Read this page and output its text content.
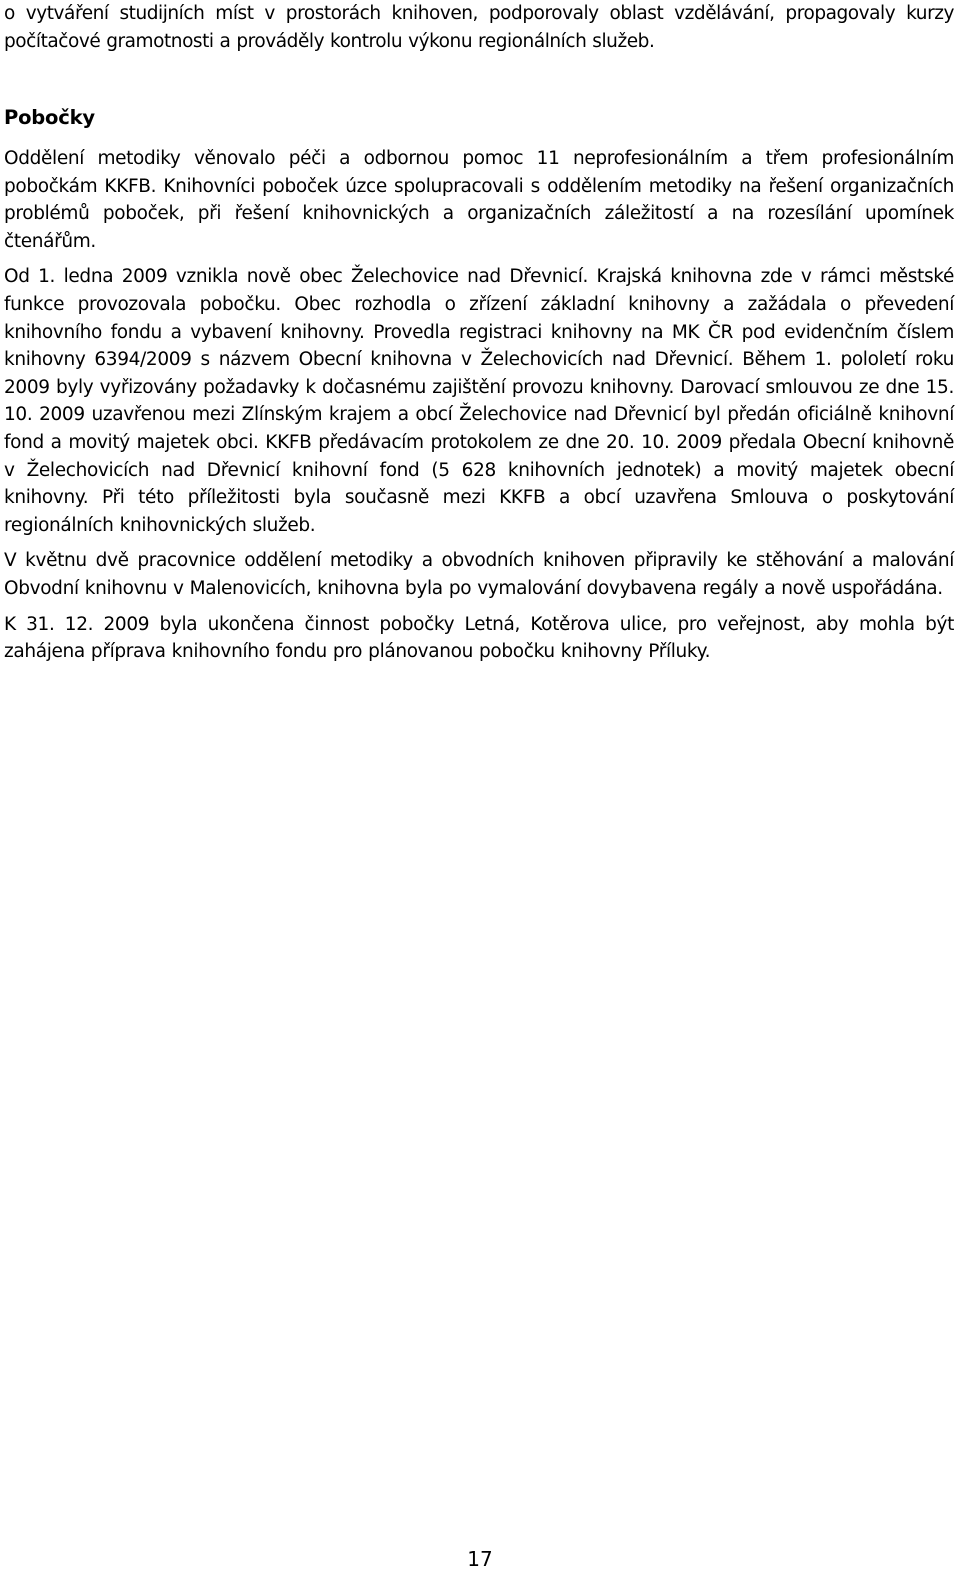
o vytváření studijních míst v prostorách knihoven, podporovaly oblast vzdělávání, propagovaly kurzy počítačové gramotnosti a prováděly kontrolu výkonu regionálních služeb.

Pobočky

Oddělení metodiky věnovalo péči a odbornou pomoc 11 neprofesionálním a třem profesionálním pobočkám KKFB. Knihovníci poboček úzce spolupracovali s oddělením metodiky na řešení organizačních problémů poboček, při řešení knihovnických a organizačních záležitostí a na rozesílání upomínek čtenářům.

Od 1. ledna 2009 vznikla nově obec Želechovice nad Dřevnicí. Krajská knihovna zde v rámci městské funkce provozovala pobočku. Obec rozhodla o zřízení základní knihovny a zažádala o převedení knihovního fondu a vybavení knihovny. Provedla registraci knihovny na MK ČR pod evidenčním číslem knihovny 6394/2009 s názvem Obecní knihovna v Želechovicích nad Dřevnicí. Během 1. pololetí roku 2009 byly vyřizovány požadavky k dočasnému zajištění provozu knihovny. Darovací smlouvou ze dne 15. 10. 2009 uzavřenou mezi Zlínským krajem a obcí Želechovice nad Dřevnicí byl předán oficiálně knihovní fond a movitý majetek obci. KKFB předávacím protokolem ze dne 20. 10. 2009 předala Obecní knihovně v Želechovicích nad Dřevnicí knihovní fond (5 628 knihovních jednotek) a movitý majetek obecní knihovny. Při této příležitosti byla současně mezi KKFB a obcí uzavřena Smlouva o poskytování regionálních knihovnických služeb.

V květnu dvě pracovnice oddělení metodiky a obvodních knihoven připravily ke stěhování a malování Obvodní knihovnu v Malenovicích, knihovna byla po vymalování dovybavena regály a nově uspořádána.

K 31. 12. 2009 byla ukončena činnost pobočky Letná, Kotěrova ulice, pro veřejnost, aby mohla být zahájena příprava knihovního fondu pro plánovanou pobočku knihovny Příluky.

17
